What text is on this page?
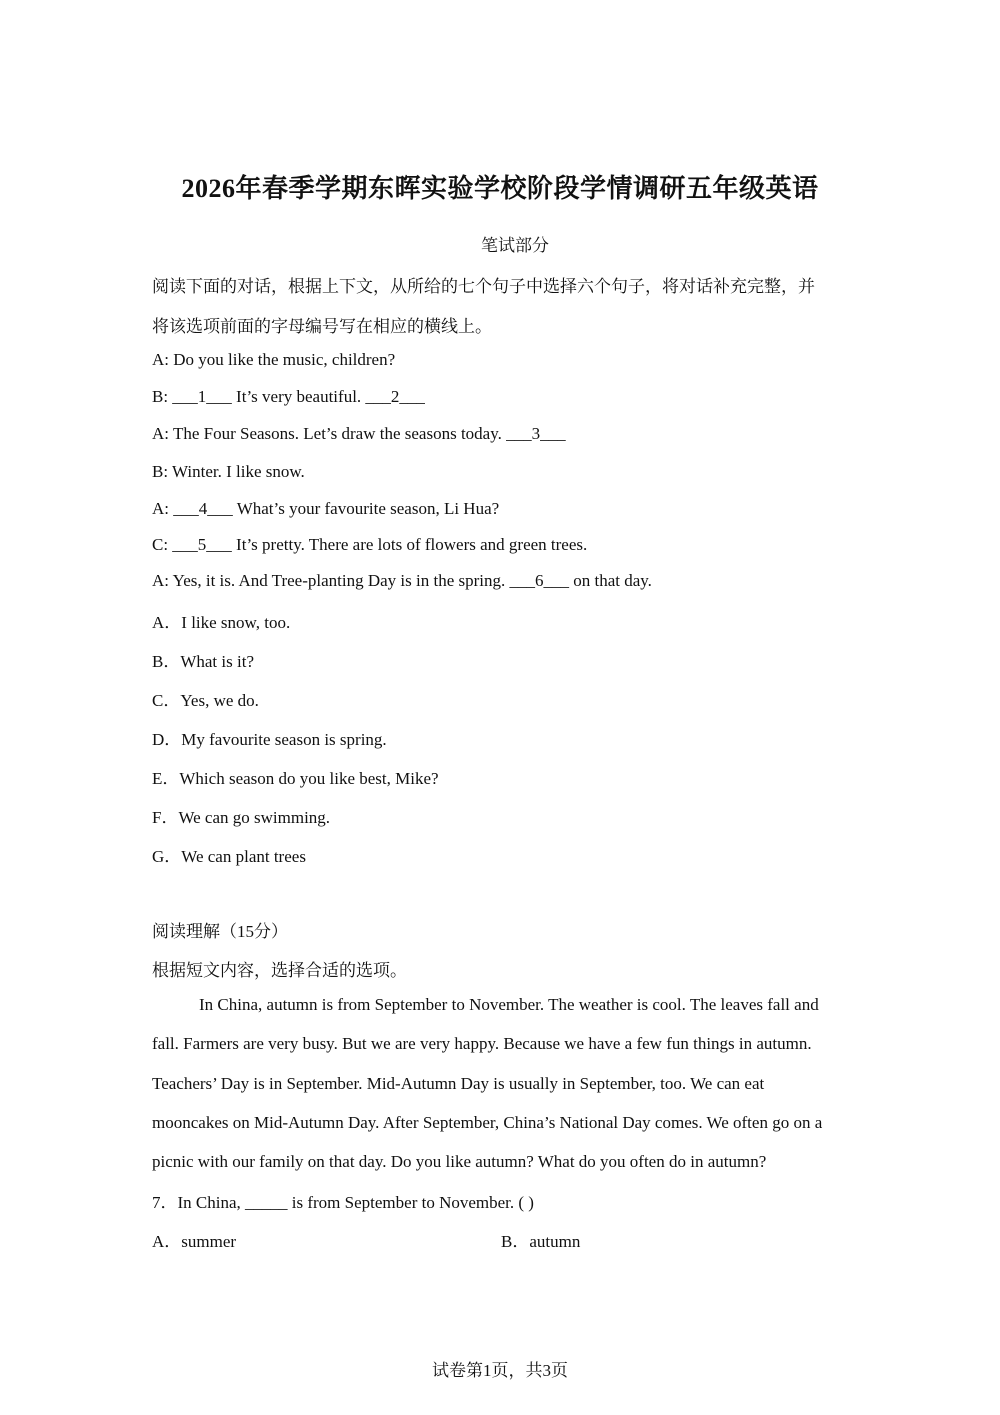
2026年春季学期东晖实验学校阶段学情调研五年级英语
笔试部分
阅读下面的对话，根据上下文，从所给的七个句子中选择六个句子，将对话补充完整，并
将该选项前面的字母编号写在相应的横线上。
A: Do you like the music, children?
B: ___1___ It’s very beautiful. ___2___
A: The Four Seasons. Let’s draw the seasons today. ___3___
B: Winter. I like snow.
A: ___4___ What’s your favourite season, Li Hua?
C: ___5___ It’s pretty. There are lots of flowers and green trees.
A: Yes, it is. And Tree-planting Day is in the spring. ___6___ on that day.
A．I like snow, too.
B．What is it?
C．Yes, we do.
D．My favourite season is spring.
E．Which season do you like best, Mike?
F．We can go swimming.
G．We can plant trees
阅读理解（15分）
根据短文内容，选择合适的选项。
In China, autumn is from September to November. The weather is cool. The leaves fall and
fall. Farmers are very busy. But we are very happy. Because we have a few fun things in autumn.
Teachers’ Day is in September. Mid-Autumn Day is usually in September, too. We can eat
mooncakes on Mid-Autumn Day. After September, China’s National Day comes. We often go on a
picnic with our family on that day. Do you like autumn? What do you often do in autumn?
7．In China, _____ is from September to November. ( )
A．summer	B．autumn
试卷第1页，共3页
